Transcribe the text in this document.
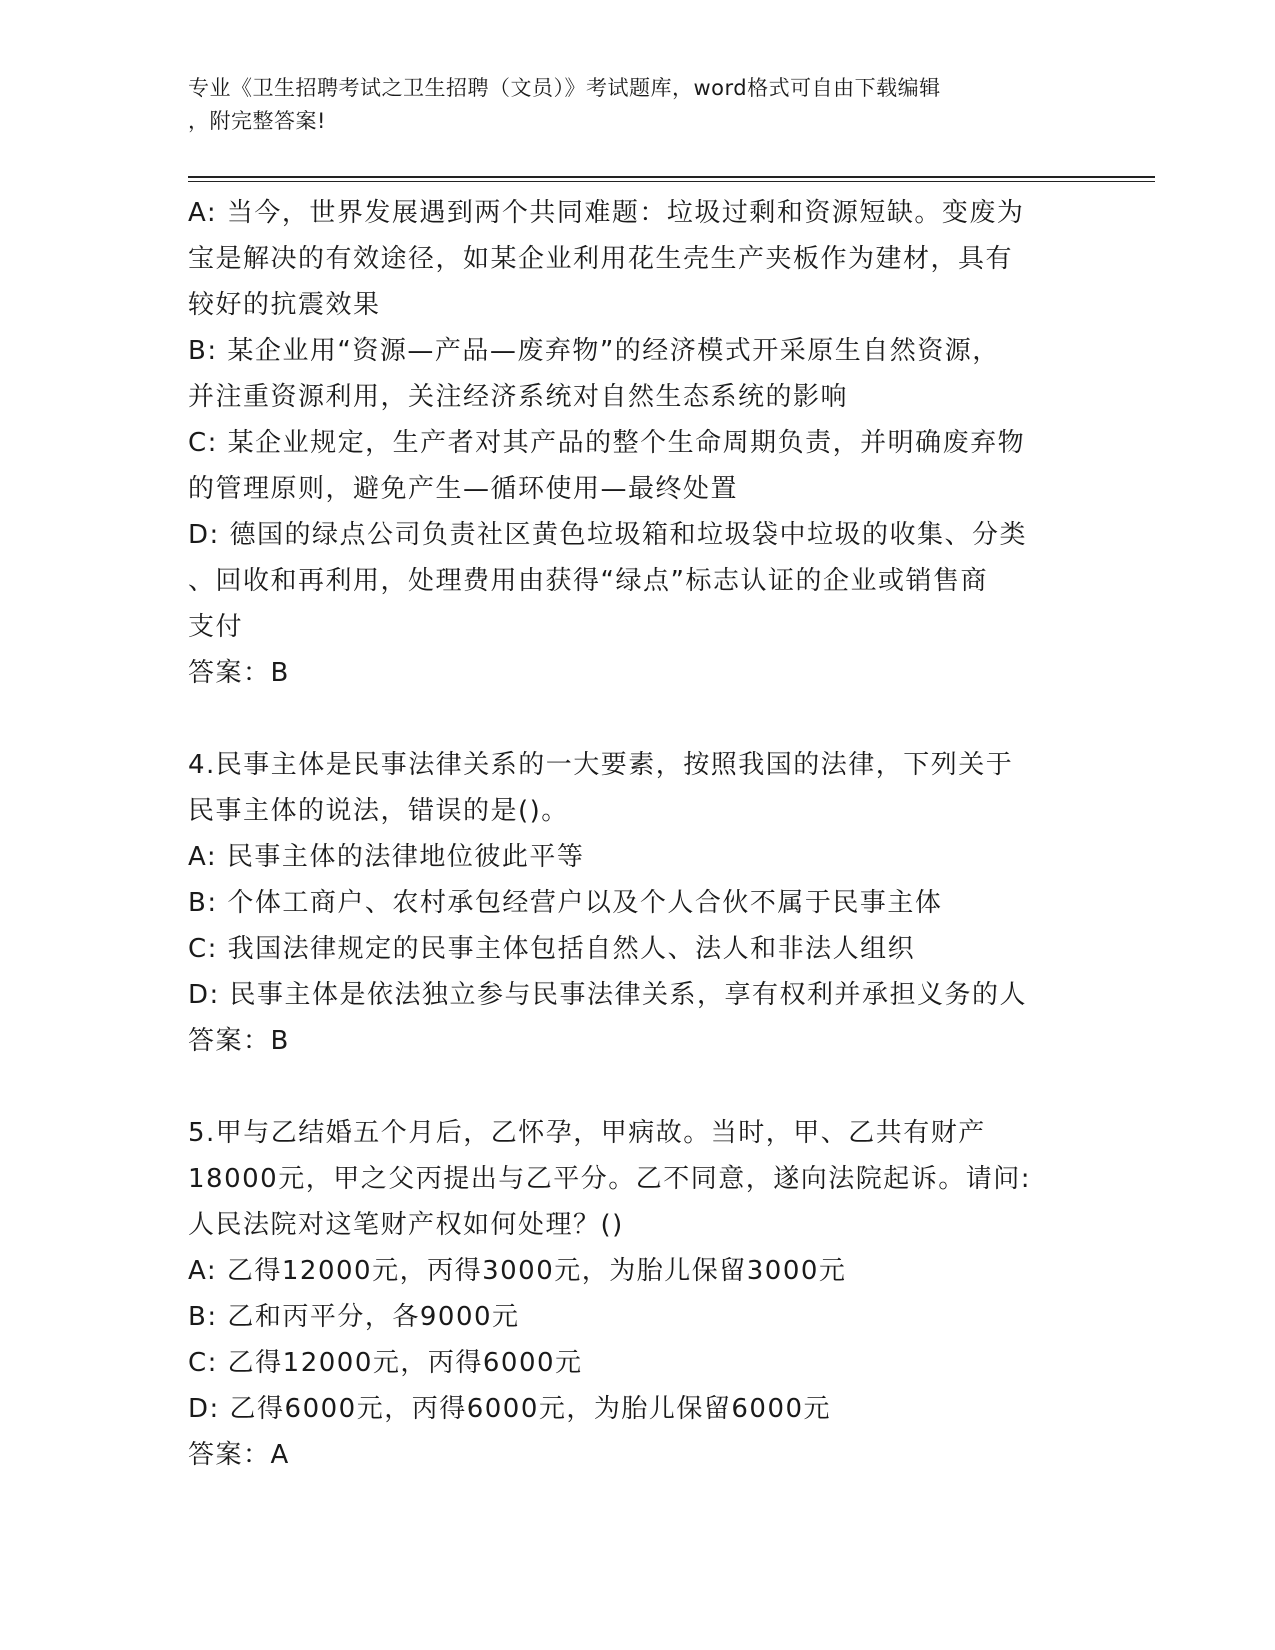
专业《卫生招聘考试之卫生招聘（文员）》考试题库，word格式可自由下载编辑
，附完整答案!
A: 当今，世界发展遇到两个共同难题：垃圾过剩和资源短缺。变废为
宝是解决的有效途径，如某企业利用花生壳生产夹板作为建材，具有
较好的抗震效果
B: 某企业用“资源—产品—废弃物”的经济模式开采原生自然资源，
并注重资源利用，关注经济系统对自然生态系统的影响
C: 某企业规定，生产者对其产品的整个生命周期负责，并明确废弃物
的管理原则，避免产生—循环使用—最终处置
D: 德国的绿点公司负责社区黄色垃圾箱和垃圾袋中垃圾的收集、分类
、回收和再利用，处理费用由获得“绿点”标志认证的企业或销售商
支付
答案：B
4.民事主体是民事法律关系的一大要素，按照我国的法律，下列关于
民事主体的说法，错误的是()。
A: 民事主体的法律地位彼此平等
B: 个体工商户、农村承包经营户以及个人合伙不属于民事主体
C: 我国法律规定的民事主体包括自然人、法人和非法人组织
D: 民事主体是依法独立参与民事法律关系，享有权利并承担义务的人
答案：B
5.甲与乙结婚五个月后，乙怀孕，甲病故。当时，甲、乙共有财产
18000元，甲之父丙提出与乙平分。乙不同意，遂向法院起诉。请问:
人民法院对这笔财产权如何处理？()
A: 乙得12000元，丙得3000元，为胎儿保留3000元
B: 乙和丙平分，各9000元
C: 乙得12000元，丙得6000元
D: 乙得6000元，丙得6000元，为胎儿保留6000元
答案：A
